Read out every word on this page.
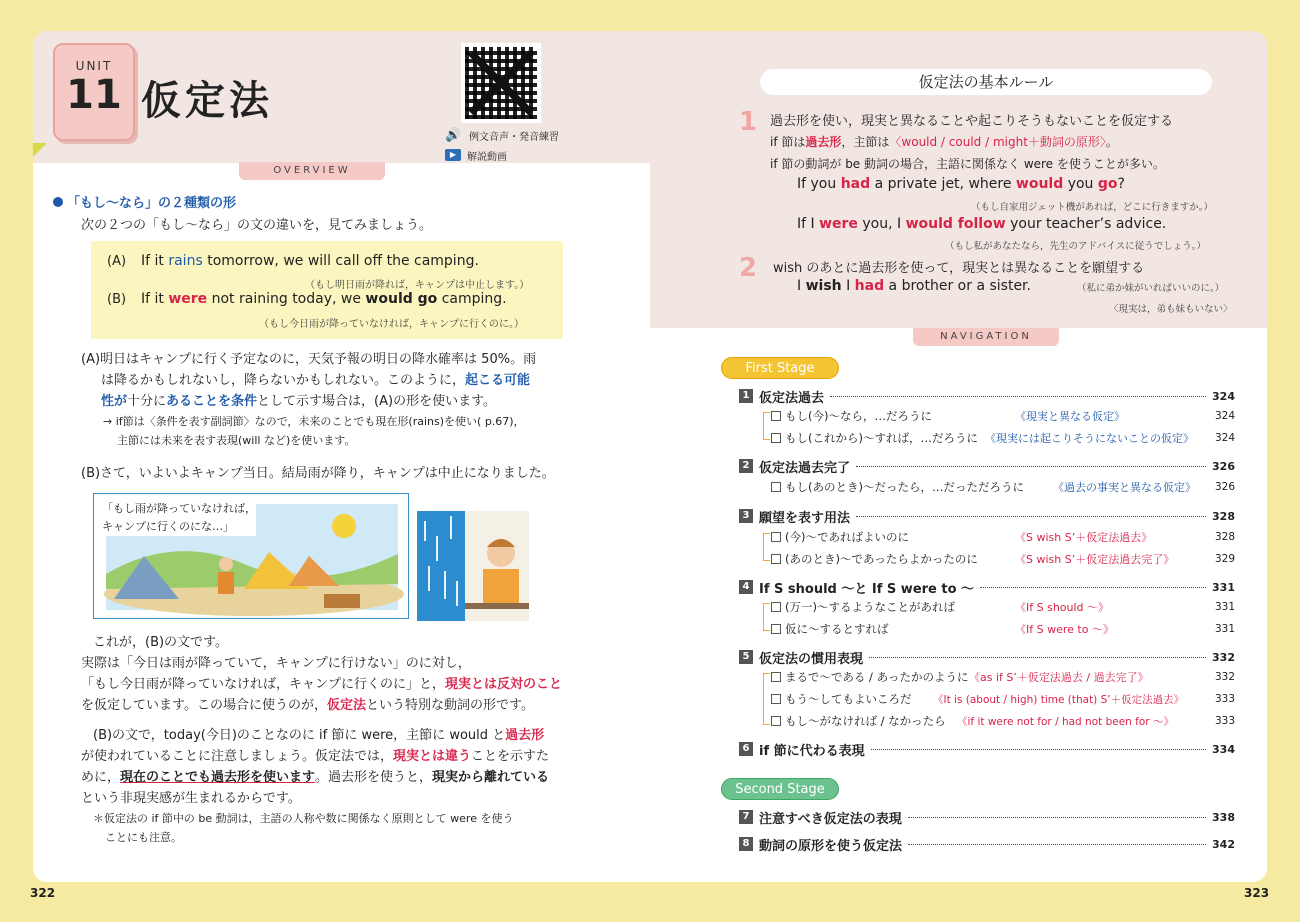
UNIT
11 仮定法
🔊 例文音声・発音練習
▶	解説動画
OVERVIEW
「もし〜なら」の２種類の形
次の２つの「もし〜なら」の文の違いを，見てみましょう。
(A) If it rains tomorrow, we will call off the camping.
（もし明日雨が降れば，キャンプは中止します。）
(B) If it were not raining today, we would go camping.
（もし今日雨が降っていなければ，キャンプに行くのに。）
(A)明日はキャンプに行く予定なのに，天気予報の明日の降水確率は 50%。雨
は降るかもしれないし，降らないかもしれない。このように，起こる可能
性が十分にあることを条件として示す場合は，(A)の形を使います。
→ if節は〈条件を表す副詞節〉なので，未来のことでも現在形(rains)を使い( p.67)，
主節には未来を表す表現(will など)を使います。
(B)さて，いよいよキャンプ当日。結局雨が降り，キャンプは中止になりました。
「もし雨が降っていなければ，
キャンプに行くのにな…」
これが，(B)の文です。
実際は「今日は雨が降っていて，キャンプに行けない」のに対し，
「もし今日雨が降っていなければ，キャンプに行くのに」と，現実とは反対のこと
を仮定しています。この場合に使うのが，仮定法という特別な動詞の形です。
(B)の文で，today(今日)のことなのに if 節に were，主節に would と過去形
が使われていることに注意しましょう。仮定法では，現実とは違うことを示すた
めに，現在のことでも過去形を使います。過去形を使うと，現実から離れている
という非現実感が生まれるからです。
＊仮定法の if 節中の be 動詞は，主語の人称や数に関係なく原則として were を使う
ことにも注意。
仮定法の基本ルール
1 過去形を使い，現実と異なることや起こりそうもないことを仮定する
if 節は過去形，主節は〈would / could / might＋動詞の原形〉。
if 節の動詞が be 動詞の場合，主語に関係なく were を使うことが多い。
If you had a private jet, where would you go?
（もし自家用ジェット機があれば，どこに行きますか。）
If I were you, I would follow your teacher’s advice.
（もし私があなたなら，先生のアドバイスに従うでしょう。）
2 wish のあとに過去形を使って，現実とは異なることを願望する
I wish I had a brother or a sister.	（私に弟か妹がいればいいのに。）
〈現実は，弟も妹もいない〉
NAVIGATION
First Stage
1 仮定法過去	324
もし(今)〜なら，…だろうに	《現実と異なる仮定》	324
もし(これから)〜すれば，…だろうに 《現実には起こりそうにないことの仮定》	324
2 仮定法過去完了	326
もし(あのとき)〜だったら，…だっただろうに	《過去の事実と異なる仮定》	326
3 願望を表す用法	328
(今)〜であればよいのに	《S wish S’＋仮定法過去》	328
(あのとき)〜であったらよかったのに	《S wish S’＋仮定法過去完了》	329
4 If S should 〜と If S were to 〜	331
(万一)〜するようなことがあれば	《If S should 〜》	331
仮に〜するとすれば	《If S were to 〜》	331
5 仮定法の慣用表現	332
まるで〜である / あったかのように 《as if S’＋仮定法過去 / 過去完了》	332
もう〜してもよいころだ	《It is (about / high) time (that) S’＋仮定法過去》	333
もし〜がなければ / なかったら	《if it were not for / had not been for 〜》	333
6 if 節に代わる表現	334
Second Stage
7 注意すべき仮定法の表現	338
8 動詞の原形を使う仮定法	342
322	323
